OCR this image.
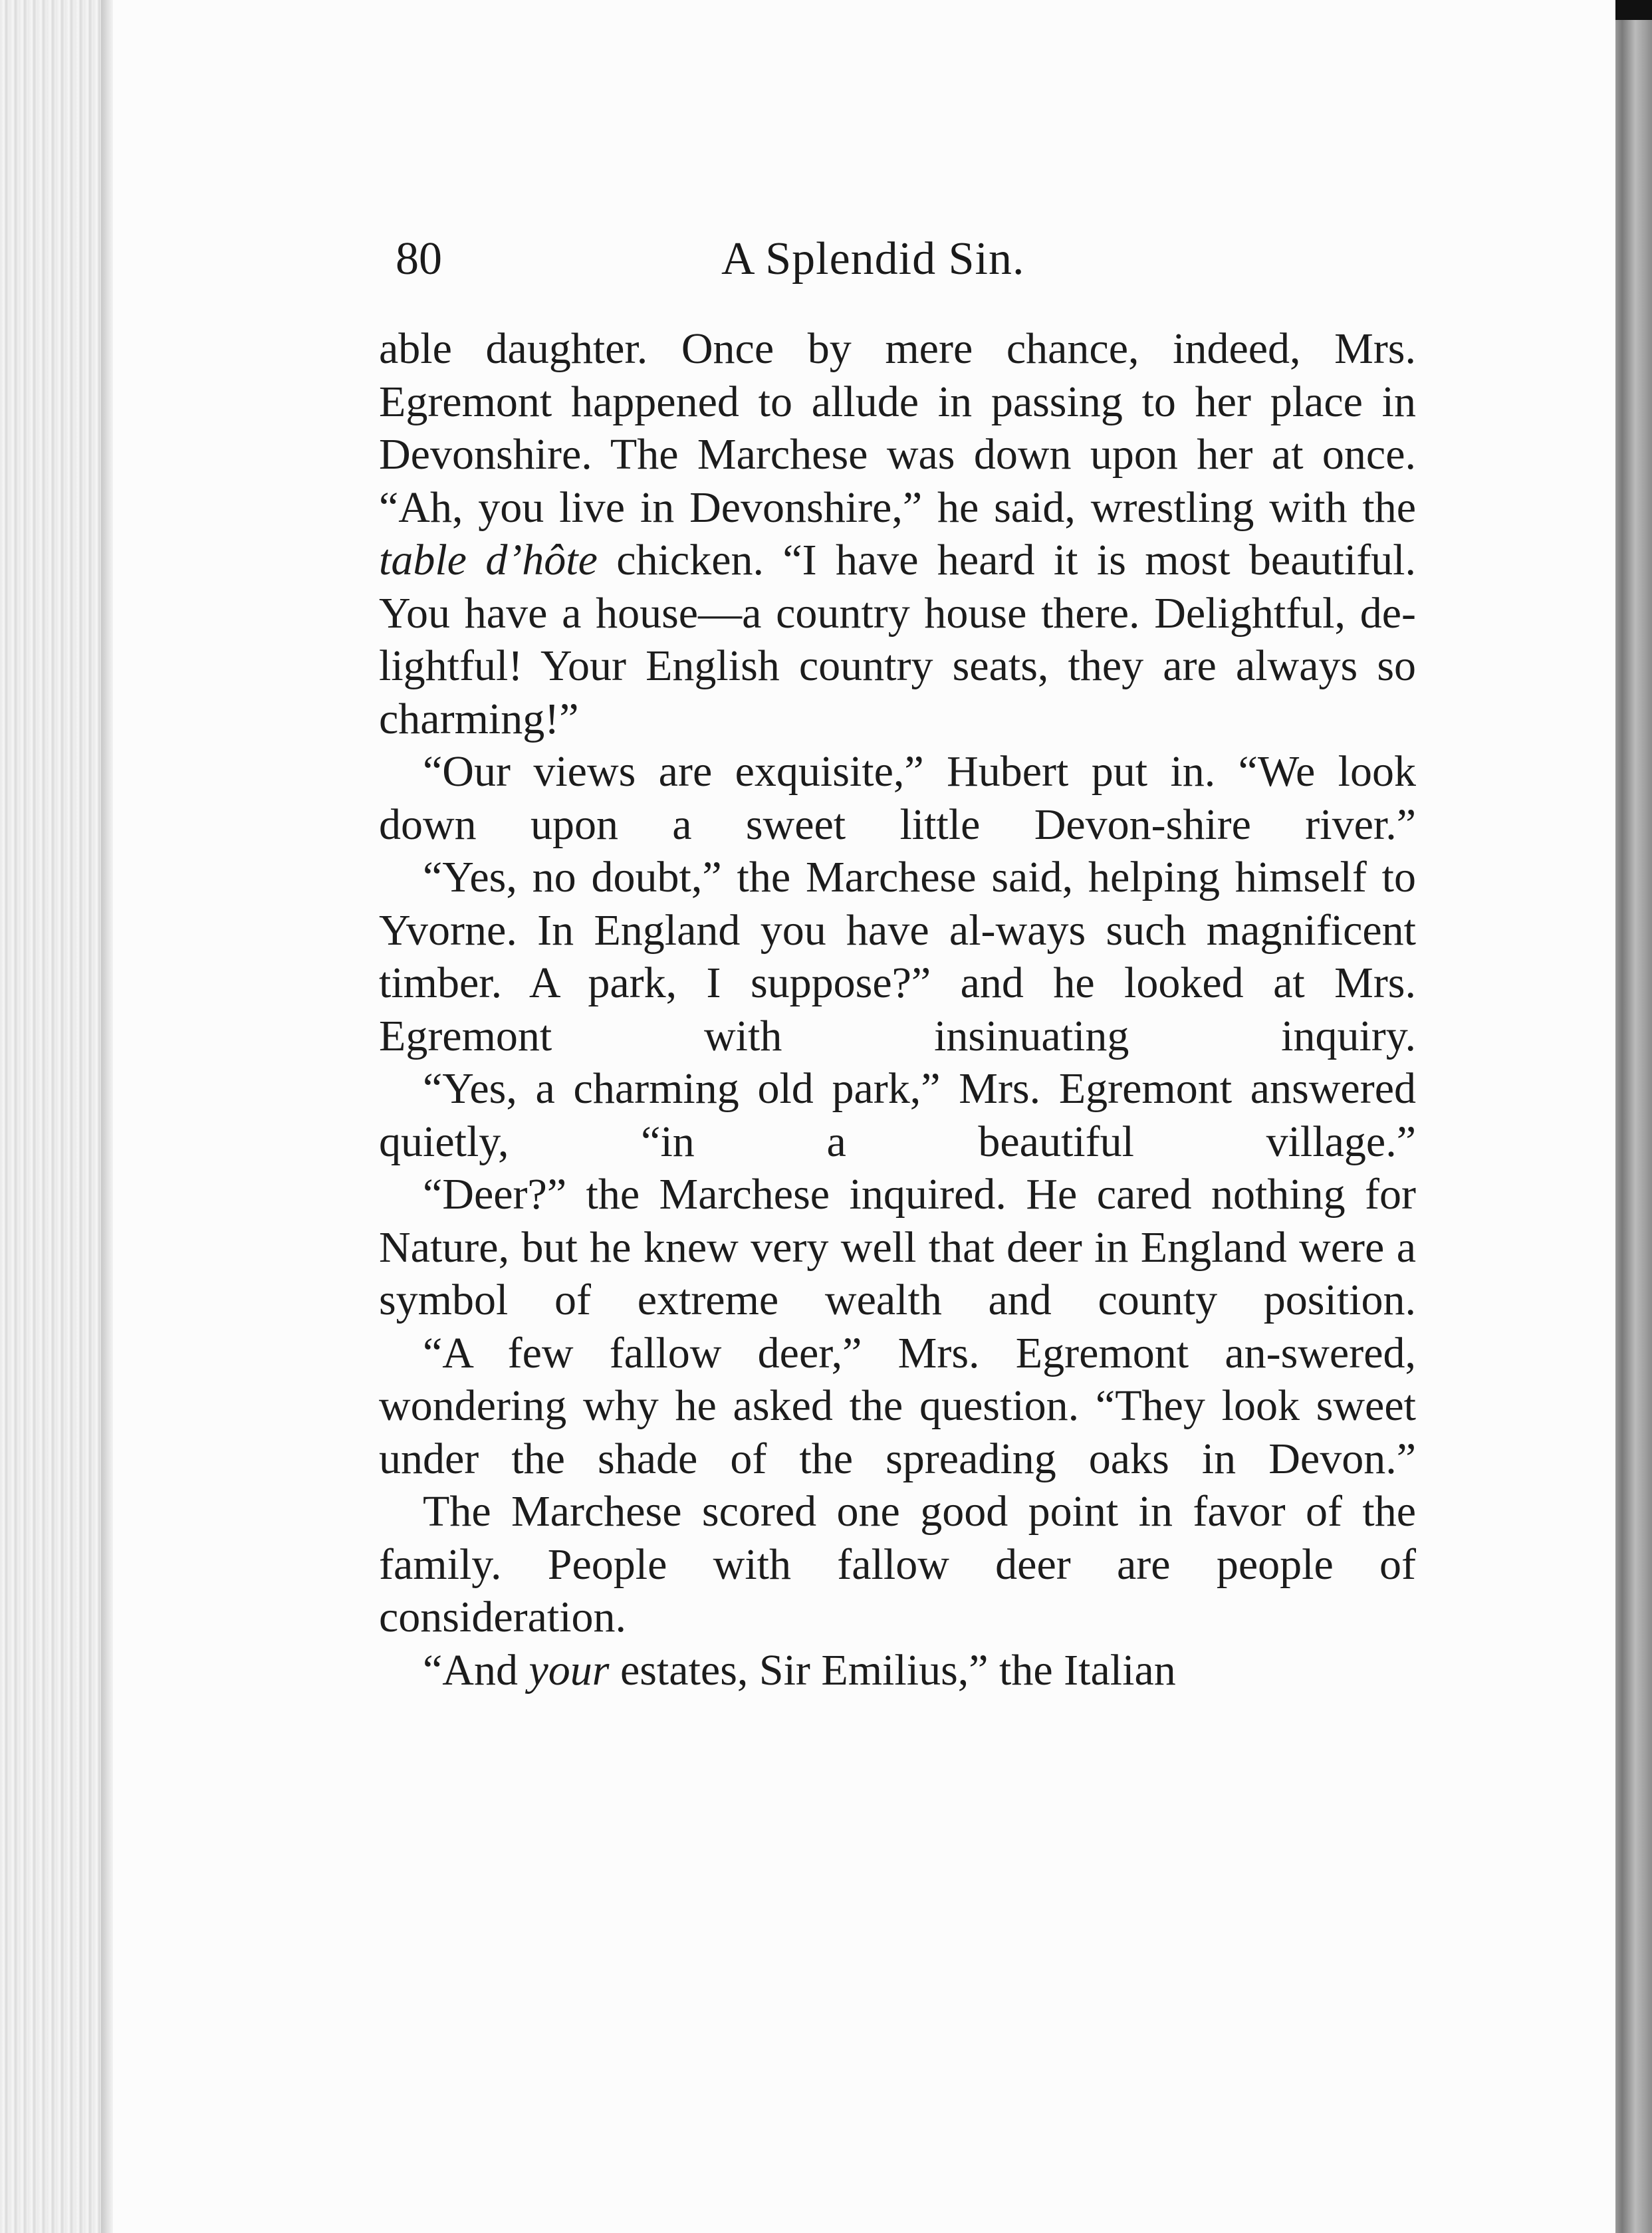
80	A Splendid Sin.

able daughter. Once by mere chance, indeed, Mrs. Egremont happened to allude in passing to her place in Devonshire. The Marchese was down upon her at once. “Ah, you live in Devonshire,” he said, wrestling with the table d’hôte chicken. “I have heard it is most beautiful. You have a house—a country house there. Delightful, de-lightful! Your English country seats, they are always so charming!”

“Our views are exquisite,” Hubert put in. “We look down upon a sweet little Devon-shire river.”

“Yes, no doubt,” the Marchese said, helping himself to Yvorne. In England you have al-ways such magnificent timber. A park, I suppose?” and he looked at Mrs. Egremont with insinuating inquiry.

“Yes, a charming old park,” Mrs. Egremont answered quietly, “in a beautiful village.”

“Deer?” the Marchese inquired. He cared nothing for Nature, but he knew very well that deer in England were a symbol of extreme wealth and county position.

“A few fallow deer,” Mrs. Egremont an-swered, wondering why he asked the question. “They look sweet under the shade of the spreading oaks in Devon.”

The Marchese scored one good point in favor of the family. People with fallow deer are people of consideration.

“And your estates, Sir Emilius,” the Italian
